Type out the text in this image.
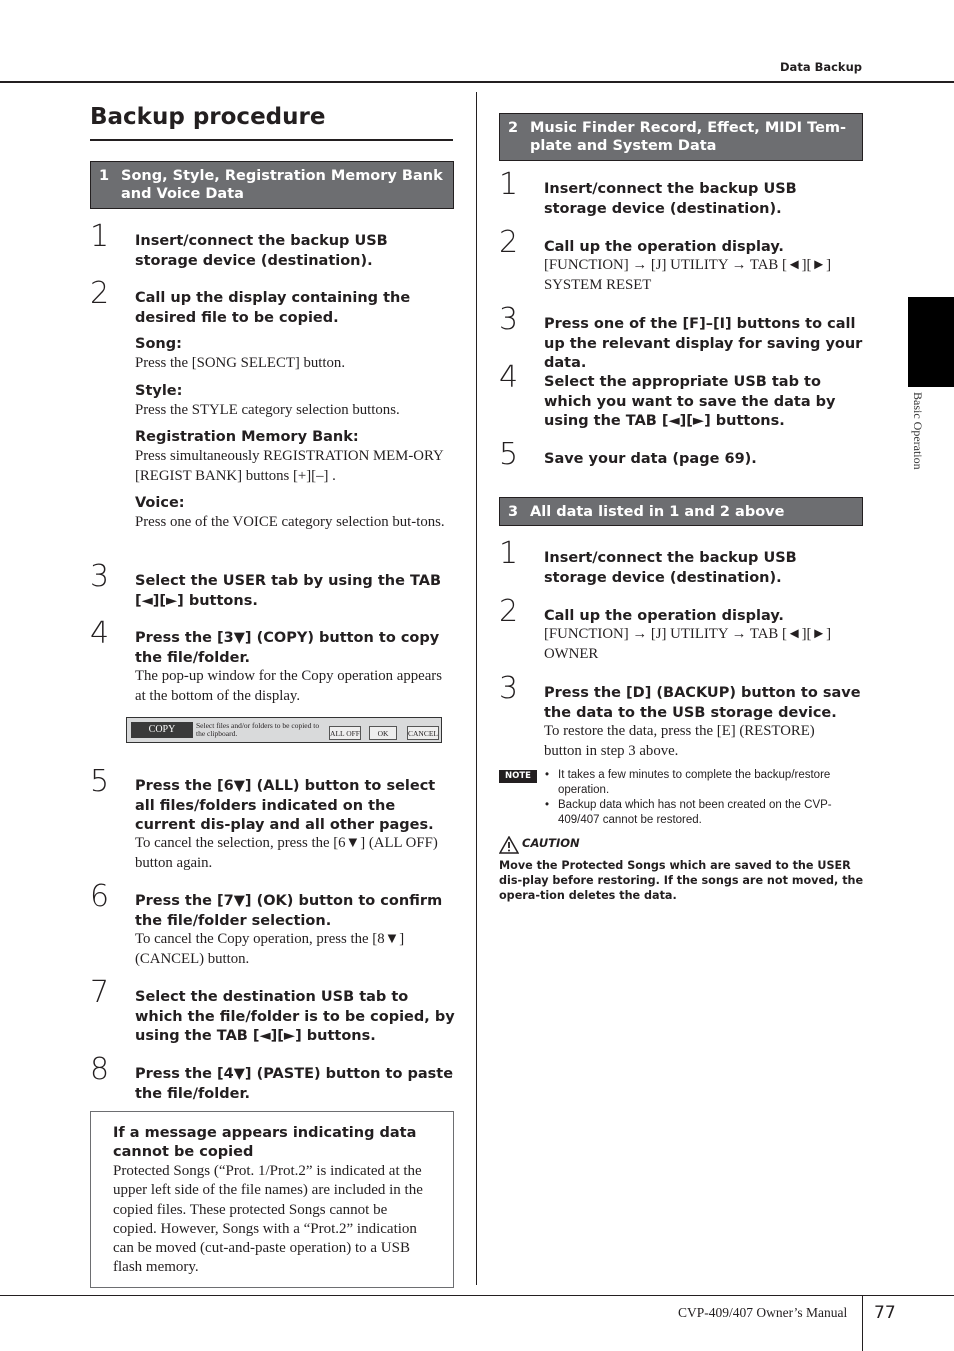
Data Backup
Basic Operation
Backup procedure
1 Song, Style, Registration Memory Bank and Voice Data
1 Insert/connect the backup USB storage device (destination).
2 Call up the display containing the desired file to be copied.
Song:
Press the [SONG SELECT] button.
Style:
Press the STYLE category selection buttons.
Registration Memory Bank:
Press simultaneously REGISTRATION MEM-ORY [REGIST BANK] buttons [+][–] .
Voice:
Press one of the VOICE category selection but-tons.
3 Select the USER tab by using the TAB [◄][►] buttons.
4 Press the [3▼] (COPY) button to copy the file/folder.
The pop-up window for the Copy operation appears at the bottom of the display.
COPY	Select files and/or folders to be copied to the clipboard.	ALL OFF	OK	CANCEL
5 Press the [6▼] (ALL) button to select all files/folders indicated on the current dis-play and all other pages.
To cancel the selection, press the [6▼] (ALL OFF) button again.
6 Press the [7▼] (OK) button to confirm the file/folder selection.
To cancel the Copy operation, press the [8▼] (CANCEL) button.
7 Select the destination USB tab to which the file/folder is to be copied, by using the TAB [◄][►] buttons.
8 Press the [4▼] (PASTE) button to paste the file/folder.
If a message appears indicating data cannot be copied
Protected Songs (“Prot. 1/Prot.2” is indicated at the upper left side of the file names) are included in the copied files. These protected Songs cannot be copied. However, Songs with a “Prot.2” indication can be moved (cut-and-paste operation) to a USB flash memory.
2 Music Finder Record, Effect, MIDI Tem-plate and System Data
1 Insert/connect the backup USB storage device (destination).
2 Call up the operation display.
[FUNCTION] → [J] UTILITY → TAB [◄][►] SYSTEM RESET
3 Press one of the [F]–[I] buttons to call up the relevant display for saving your data.
4 Select the appropriate USB tab to which you want to save the data by using the TAB [◄][►] buttons.
5 Save your data (page 69).
3 All data listed in 1 and 2 above
1 Insert/connect the backup USB storage device (destination).
2 Call up the operation display.
[FUNCTION] → [J] UTILITY → TAB [◄][►] OWNER
3 Press the [D] (BACKUP) button to save the data to the USB storage device.
To restore the data, press the [E] (RESTORE) button in step 3 above.
NOTE
•	It takes a few minutes to complete the backup/restore operation.
• Backup data which has not been created on the CVP-409/407 cannot be restored.
CAUTION
Move the Protected Songs which are saved to the USER dis-play before restoring. If the songs are not moved, the opera-tion deletes the data.
CVP-409/407 Owner’s Manual 77
